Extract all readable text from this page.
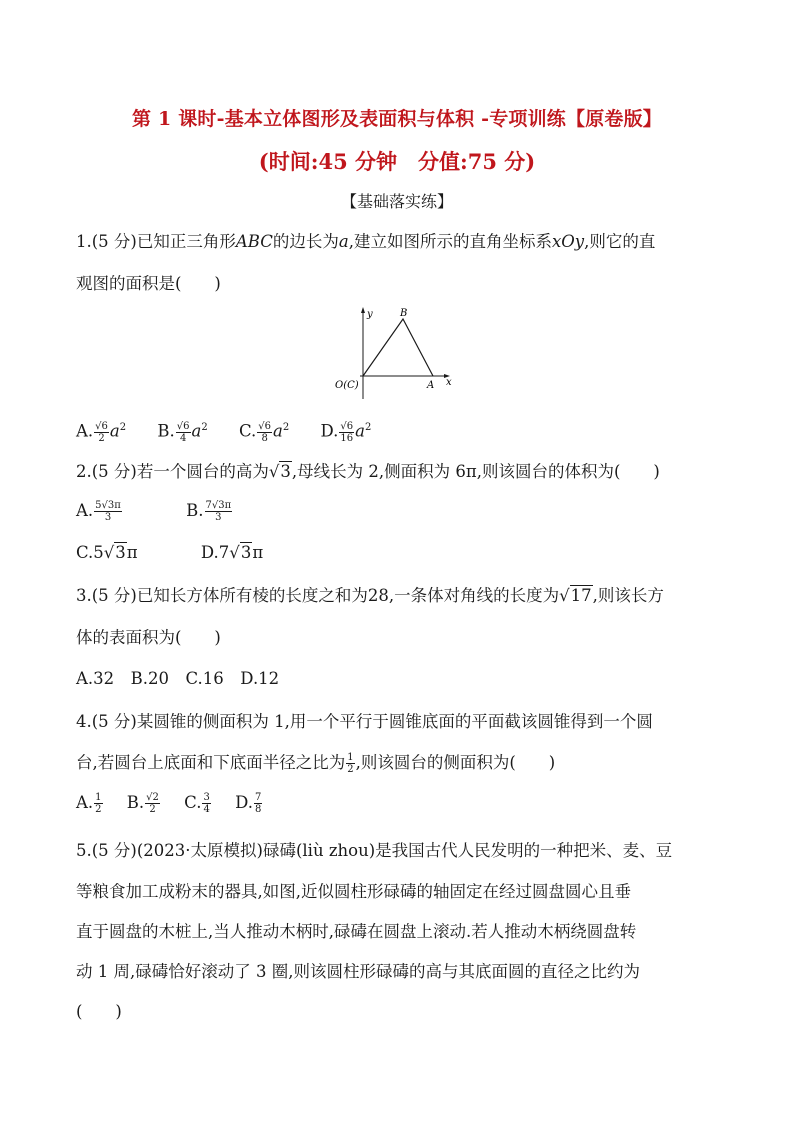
第 1 课时-基本立体图形及表面积与体积 -专项训练【原卷版】
(时间:45 分钟　分值:75 分)
【基础落实练】
1.(5 分)已知正三角形ABC的边长为a,建立如图所示的直角坐标系xOy,则它的直
观图的面积是(　　)
y	B
O(C)	A x
A. $\frac{√6}{2} a^2$ B. $\frac{√6}{4} a^2$ C. $\frac{√6}{8} a^2$ D. $\frac{√6}{16} a^2$
2.(5 分)若一个圆台的高为√3,母线长为 2,侧面积为 6π,则该圆台的体积为(　　)
A. $\frac{5√3\pi}{3}$	B. $\frac{7√3\pi}{3}$
C.5√3π	D.7√3π
3.(5 分)已知长方体所有棱的长度之和为28,一条体对角线的长度为√17,则该长方
体的表面积为(　　)
A.32　B.20　C.16　D.12
4.(5 分)某圆锥的侧面积为 1,用一个平行于圆锥底面的平面截该圆锥得到一个圆
台,若圆台上底面和下底面半径之比为 $\frac{1}{2}$ ,则该圆台的侧面积为(　　)
A. $\frac{1}{2} B$. $\frac{√2}{2} C$. $\frac{3}{4} D$. $\frac{7}{8}$
5.(5 分)(2023·太原模拟)碌碡(liù zhou)是我国古代人民发明的一种把米、麦、豆
等粮食加工成粉末的器具,如图,近似圆柱形碌碡的轴固定在经过圆盘圆心且垂
直于圆盘的木桩上,当人推动木柄时,碌碡在圆盘上滚动.若人推动木柄绕圆盘转
动 1 周,碌碡恰好滚动了 3 圈,则该圆柱形碌碡的高与其底面圆的直径之比约为
(　　)
